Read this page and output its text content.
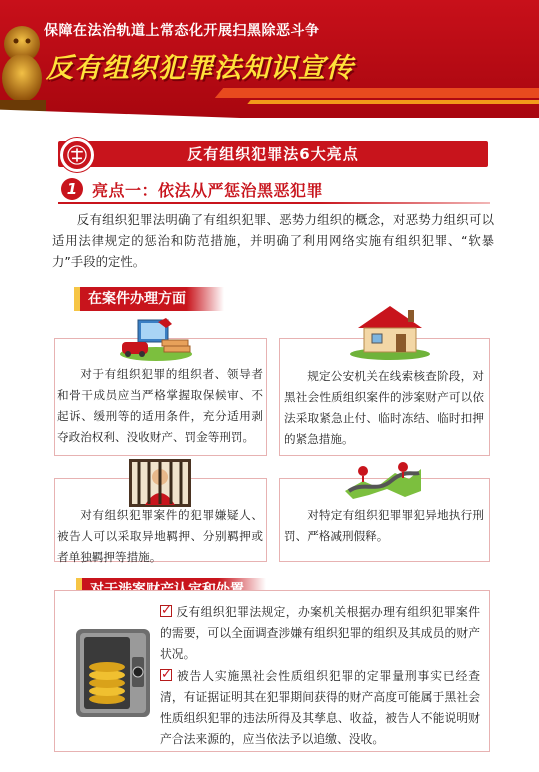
保障在法治轨道上常态化开展扫黑除恶斗争
反有组织犯罪法知识宣传
反有组织犯罪法6大亮点
1 亮点一：依法从严惩治黑恶犯罪
反有组织犯罪法明确了有组织犯罪、恶势力组织的概念，对恶势力组织可以适用法律规定的惩治和防范措施，并明确了利用网络实施有组织犯罪、“软暴力”手段的定性。
在案件办理方面
对于有组织犯罪的组织者、领导者和骨干成员应当严格掌握取保候审、不起诉、缓刑等的适用条件，充分适用剥夺政治权利、没收财产、罚金等刑罚。
规定公安机关在线索核查阶段，对黑社会性质组织案件的涉案财产可以依法采取紧急止付、临时冻结、临时扣押的紧急措施。
对有组织犯罪案件的犯罪嫌疑人、被告人可以采取异地羁押、分别羁押或者单独羁押等措施。
对特定有组织犯罪罪犯异地执行刑罚、严格减刑假释。
✓反有组织犯罪法规定，办案机关根据办理有组织犯罪案件的需要，可以全面调查涉嫌有组织犯罪的组织及其成员的财产状况。
✓被告人实施黑社会性质组织犯罪的定罪量刑事实已经查清，有证据证明其在犯罪期间获得的财产高度可能属于黑社会性质组织犯罪的违法所得及其孳息、收益，被告人不能说明财产合法来源的，应当依法予以追缴、没收。
